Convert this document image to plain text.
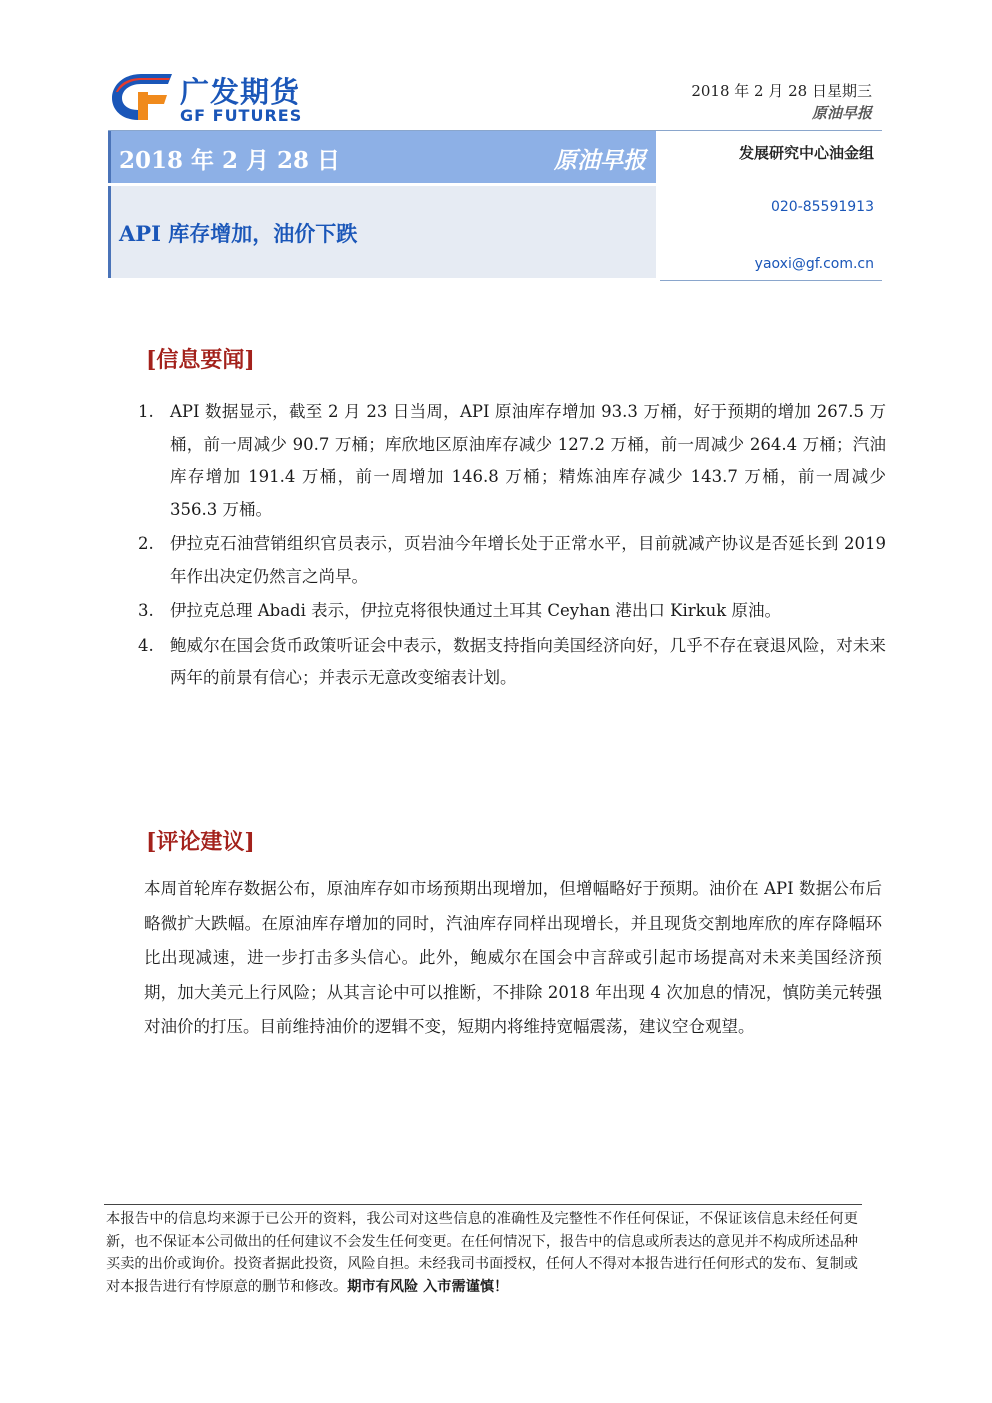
广发期货
GF FUTURES
2018 年 2 月 28 日星期三
原油早报
2018 年 2 月 28 日	原油早报
API 库存增加，油价下跌
发展研究中心油金组
020-85591913
yaoxi@gf.com.cn
[信息要闻]
1. API 数据显示，截至 2 月 23 日当周，API 原油库存增加 93.3 万桶，好于预期的增加 267.5 万桶，前一周减少 90.7 万桶；库欣地区原油库存减少 127.2 万桶，前一周减少 264.4 万桶；汽油库存增加 191.4 万桶，前一周增加 146.8 万桶；精炼油库存减少 143.7 万桶，前一周减少 356.3 万桶。
2. 伊拉克石油营销组织官员表示，页岩油今年增长处于正常水平，目前就减产协议是否延长到 2019 年作出决定仍然言之尚早。
3. 伊拉克总理 Abadi 表示，伊拉克将很快通过土耳其 Ceyhan 港出口 Kirkuk 原油。
4. 鲍威尔在国会货币政策听证会中表示，数据支持指向美国经济向好，几乎不存在衰退风险，对未来两年的前景有信心；并表示无意改变缩表计划。
[评论建议]
本周首轮库存数据公布，原油库存如市场预期出现增加，但增幅略好于预期。油价在 API 数据公布后略微扩大跌幅。在原油库存增加的同时，汽油库存同样出现增长，并且现货交割地库欣的库存降幅环比出现减速，进一步打击多头信心。此外，鲍威尔在国会中言辞或引起市场提高对未来美国经济预期，加大美元上行风险；从其言论中可以推断，不排除 2018 年出现 4 次加息的情况，慎防美元转强对油价的打压。目前维持油价的逻辑不变，短期内将维持宽幅震荡，建议空仓观望。
本报告中的信息均来源于已公开的资料，我公司对这些信息的准确性及完整性不作任何保证，不保证该信息未经任何更新，也不保证本公司做出的任何建议不会发生任何变更。在任何情况下，报告中的信息或所表达的意见并不构成所述品种买卖的出价或询价。投资者据此投资，风险自担。未经我司书面授权，任何人不得对本报告进行任何形式的发布、复制或对本报告进行有悖原意的删节和修改。期市有风险 入市需谨慎！
